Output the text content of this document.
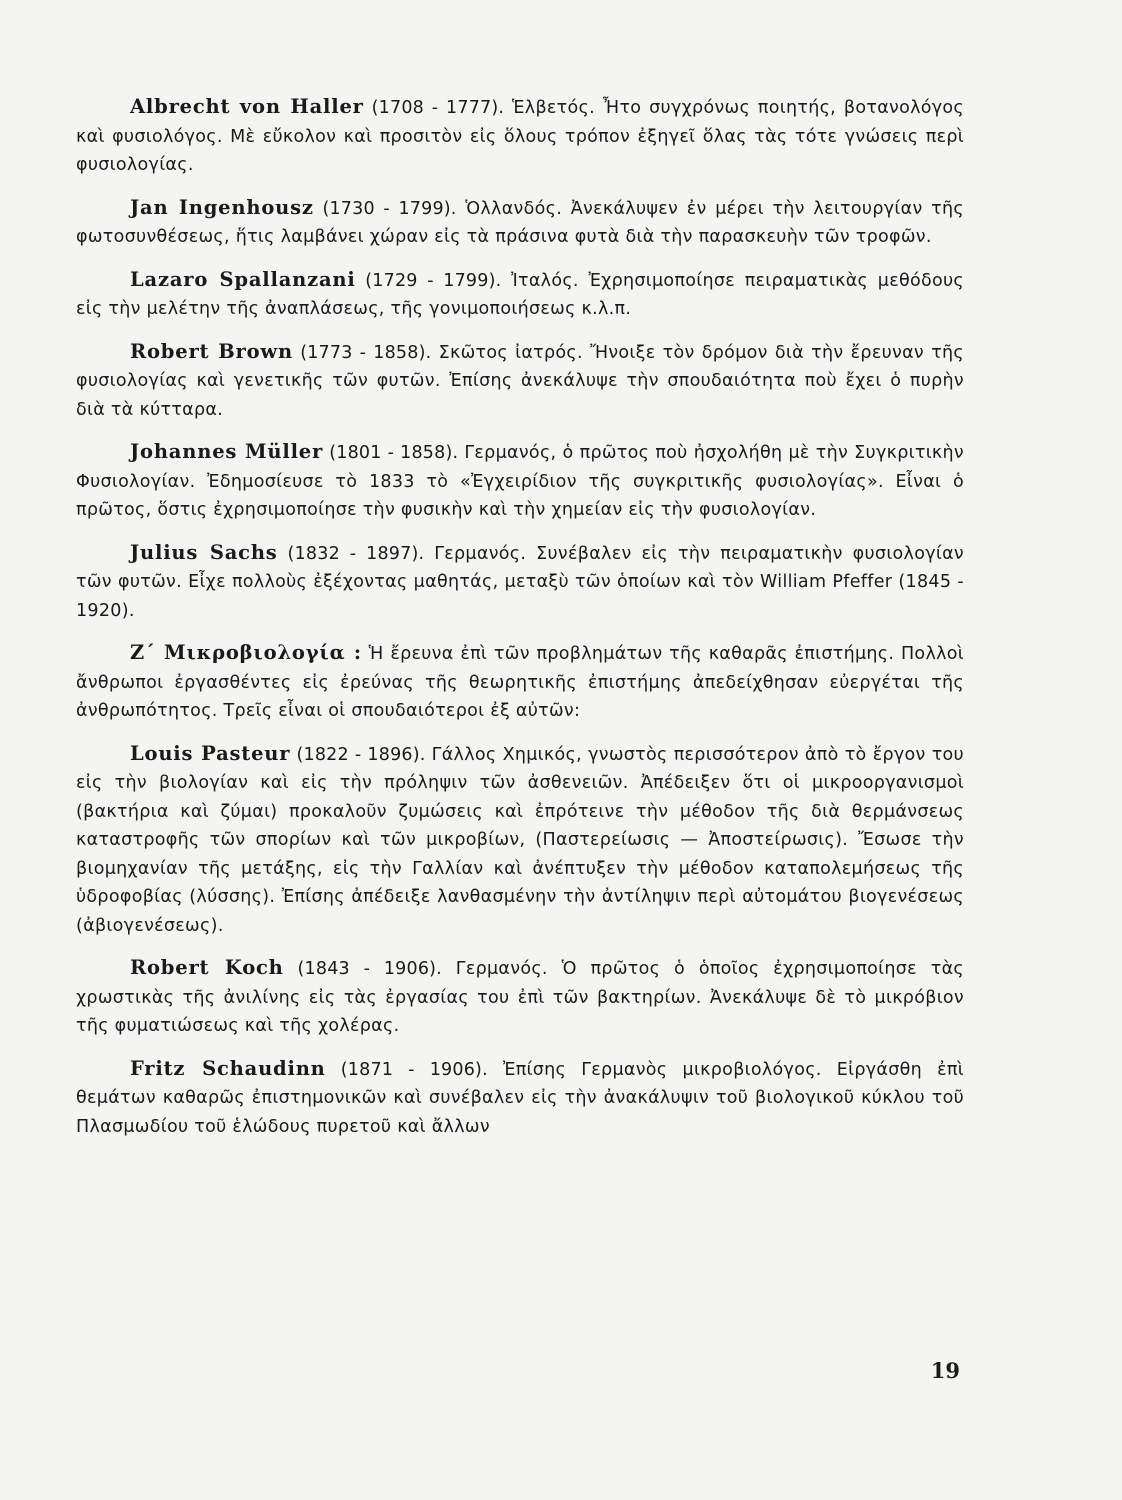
Albrecht von Haller (1708 - 1777). Ἑλβετός. Ἦτο συγχρόνως ποιητής, βοτανολόγος καὶ φυσιολόγος. Μὲ εὔκολον καὶ προσιτὸν εἰς ὅλους τρόπον ἐξηγεῖ ὅλας τὰς τότε γνώσεις περὶ φυσιολογίας.

Jan Ingenhousz (1730 - 1799). Ὁλλανδός. Ἀνεκάλυψεν ἐν μέρει τὴν λειτουργίαν τῆς φωτοσυνθέσεως, ἥτις λαμβάνει χώραν εἰς τὰ πράσινα φυτὰ διὰ τὴν παρασκευὴν τῶν τροφῶν.

Lazaro Spallanzani (1729 - 1799). Ἰταλός. Ἐχρησιμοποίησε πειραματικὰς μεθόδους εἰς τὴν μελέτην τῆς ἀναπλάσεως, τῆς γονιμοποιήσεως κ.λ.π.

Robert Brown (1773 - 1858). Σκῶτος ἰατρός. Ἤνοιξε τὸν δρόμον διὰ τὴν ἔρευναν τῆς φυσιολογίας καὶ γενετικῆς τῶν φυτῶν. Ἐπίσης ἀνεκάλυψε τὴν σπουδαιότητα ποὺ ἔχει ὁ πυρὴν διὰ τὰ κύτταρα.

Johannes Müller (1801 - 1858). Γερμανός, ὁ πρῶτος ποὺ ἠσχολήθη μὲ τὴν Συγκριτικὴν Φυσιολογίαν. Ἐδημοσίευσε τὸ 1833 τὸ «Ἐγχειρίδιον τῆς συγκριτικῆς φυσιολογίας». Εἶναι ὁ πρῶτος, ὅστις ἐχρησιμοποίησε τὴν φυσικὴν καὶ τὴν χημείαν εἰς τὴν φυσιολογίαν.

Julius Sachs (1832 - 1897). Γερμανός. Συνέβαλεν εἰς τὴν πειραματικὴν φυσιολογίαν τῶν φυτῶν. Εἶχε πολλοὺς ἐξέχοντας μαθητάς, μεταξὺ τῶν ὁποίων καὶ τὸν William Pfeffer (1845 - 1920).

Ζ΄ Μικροβιολογία : Ἡ ἔρευνα ἐπὶ τῶν προβλημάτων τῆς καθαρᾶς ἐπιστήμης. Πολλοὶ ἄνθρωποι ἐργασθέντες εἰς ἐρεύνας τῆς θεωρητικῆς ἐπιστήμης ἀπεδείχθησαν εὐεργέται τῆς ἀνθρωπότητος. Τρεῖς εἶναι οἱ σπουδαιότεροι ἐξ αὐτῶν:

Louis Pasteur (1822 - 1896). Γάλλος Χημικός, γνωστὸς περισσότερον ἀπὸ τὸ ἔργον του εἰς τὴν βιολογίαν καὶ εἰς τὴν πρόληψιν τῶν ἀσθενειῶν. Ἀπέδειξεν ὅτι οἱ μικροοργανισμοὶ (βακτήρια καὶ ζύμαι) προκαλοῦν ζυμώσεις καὶ ἐπρότεινε τὴν μέθοδον τῆς διὰ θερμάνσεως καταστροφῆς τῶν σπορίων καὶ τῶν μικροβίων, (Παστερείωσις — Ἀποστείρωσις). Ἔσωσε τὴν βιομηχανίαν τῆς μετάξης, εἰς τὴν Γαλλίαν καὶ ἀνέπτυξεν τὴν μέθοδον καταπολεμήσεως τῆς ὑδροφοβίας (λύσσης). Ἐπίσης ἀπέδειξε λανθασμένην τὴν ἀντίληψιν περὶ αὐτομάτου βιογενέσεως (ἀβιογενέσεως).

Robert Koch (1843 - 1906). Γερμανός. Ὁ πρῶτος ὁ ὁποῖος ἐχρησιμοποίησε τὰς χρωστικὰς τῆς ἀνιλίνης εἰς τὰς ἐργασίας του ἐπὶ τῶν βακτηρίων. Ἀνεκάλυψε δὲ τὸ μικρόβιον τῆς φυματιώσεως καὶ τῆς χολέρας.

Fritz Schaudinn (1871 - 1906). Ἐπίσης Γερμανὸς μικροβιολόγος. Εἰργάσθη ἐπὶ θεμάτων καθαρῶς ἐπιστημονικῶν καὶ συνέβαλεν εἰς τὴν ἀνακάλυψιν τοῦ βιολογικοῦ κύκλου τοῦ Πλασμωδίου τοῦ ἑλώδους πυρετοῦ καὶ ἄλλων

19
